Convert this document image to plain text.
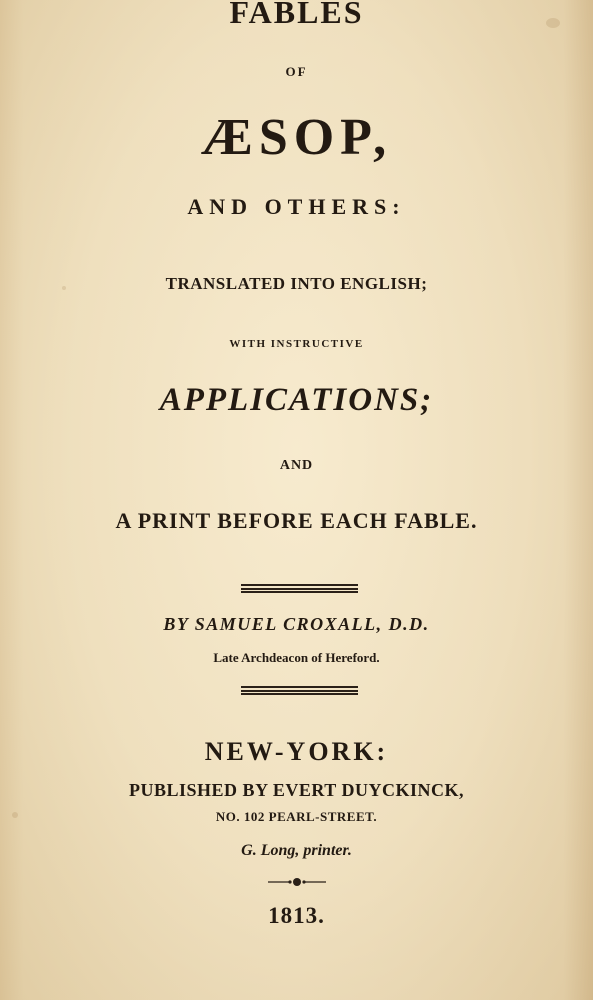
FABLES
OF
ÆSOP,
AND OTHERS:
TRANSLATED INTO ENGLISH;
WITH INSTRUCTIVE
APPLICATIONS;
AND
A PRINT BEFORE EACH FABLE.
BY SAMUEL CROXALL, D.D.
Late Archdeacon of Hereford.
NEW-YORK:
PUBLISHED BY EVERT DUYCKINCK,
NO. 102 PEARL-STREET.
G. Long, printer.
1813.
